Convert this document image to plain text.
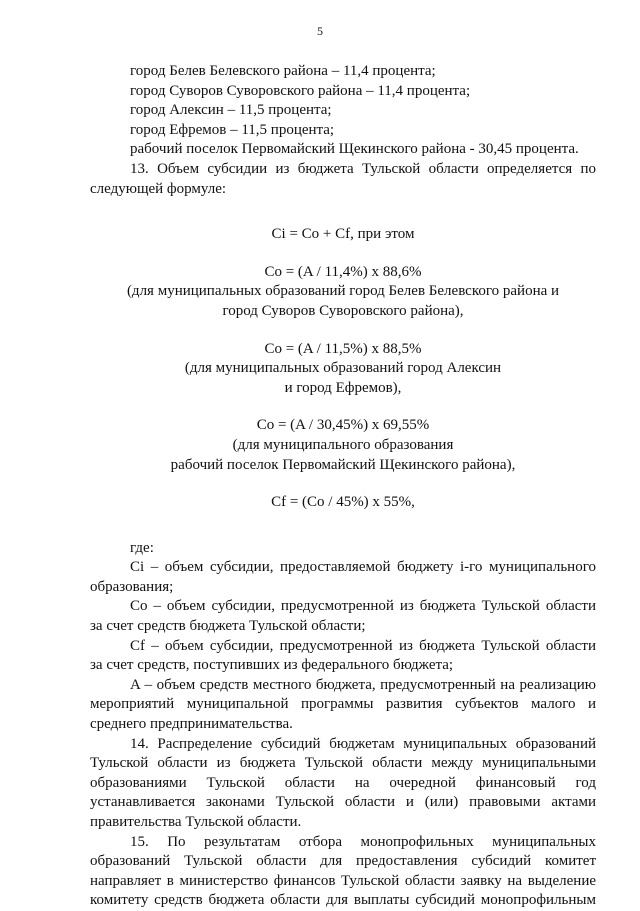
5

город Белев Белевского района – 11,4 процента;

город Суворов Суворовского района – 11,4 процента;

город Алексин – 11,5 процента;

город Ефремов – 11,5 процента;

рабочий поселок Первомайский Щекинского района - 30,45 процента.

13. Объем субсидии из бюджета Тульской области определяется по

следующей формуле:

Ci = Co + Cf, при этом

Co = (A / 11,4%) x 88,6%

(для муниципальных образований город Белев Белевского района и

город Суворов Суворовского района),

Co = (A / 11,5%) x 88,5%

(для муниципальных образований город Алексин

и город Ефремов),

Co = (A / 30,45%) x 69,55%

(для муниципального образования

рабочий поселок Первомайский Щекинского района),

Cf = (Co / 45%) x 55%,

где:

Ci – объем субсидии, предоставляемой бюджету i-го муниципального

образования;

Co – объем субсидии, предусмотренной из бюджета Тульской области

за счет средств бюджета Тульской области;

Cf – объем субсидии, предусмотренной из бюджета Тульской области

за счет средств, поступивших из федерального бюджета;

A – объем средств местного бюджета, предусмотренный на реализацию

мероприятий муниципальной программы развития субъектов малого и

среднего предпринимательства.

14. Распределение субсидий бюджетам муниципальных образований

Тульской области из бюджета Тульской области между муниципальными

образованиями Тульской области на очередной финансовый год

устанавливается законами Тульской области и (или) правовыми актами

правительства Тульской области.

15. По результатам отбора монопрофильных муниципальных

образований Тульской области для предоставления субсидий комитет

направляет в министерство финансов Тульской области заявку на выделение

комитету средств бюджета области для выплаты субсидий монопрофильным
